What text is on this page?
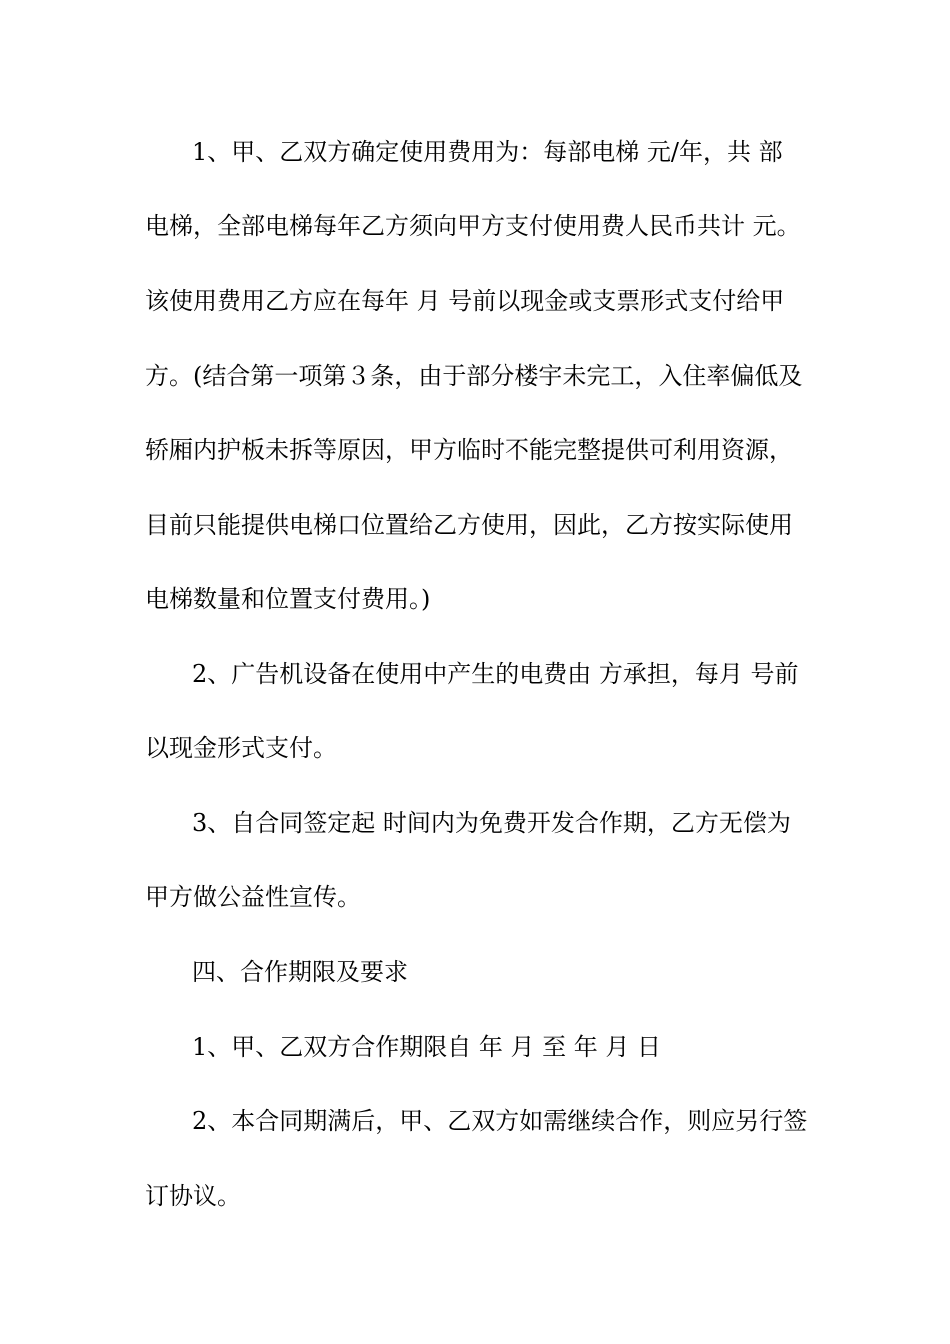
1、甲、乙双方确定使用费用为：每部电梯 元/年，共 部
电梯，全部电梯每年乙方须向甲方支付使用费人民币共计 元。
该使用费用乙方应在每年 月 号前以现金或支票形式支付给甲
方。(结合第一项第３条，由于部分楼宇未完工，入住率偏低及
轿厢内护板未拆等原因，甲方临时不能完整提供可利用资源，
目前只能提供电梯口位置给乙方使用，因此，乙方按实际使用
电梯数量和位置支付费用。)
2、广告机设备在使用中产生的电费由 方承担，每月 号前
以现金形式支付。
3、自合同签定起 时间内为免费开发合作期，乙方无偿为
甲方做公益性宣传。
四、合作期限及要求
1、甲、乙双方合作期限自 年 月 至 年 月 日
2、本合同期满后，甲、乙双方如需继续合作，则应另行签
订协议。
